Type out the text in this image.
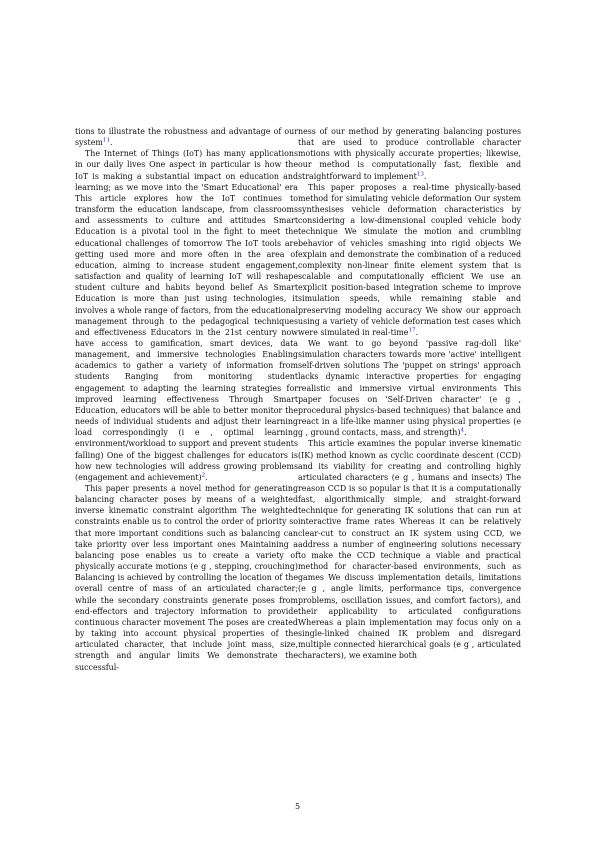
tions to illustrate the robustness and advantage of our system$^{11}$.

The Internet of Things (IoT) has many applications in our daily lives One aspect in particular is how the IoT is making a substantial impact on education and learning; as we move into the 'Smart Educational' era This article explores how the IoT continues to transform the education landscape, from classrooms and assessments to culture and attitudes Smart Education is a pivotal tool in the fight to meet the educational challenges of tomorrow The IoT tools are getting used more and more often in the area of education, aiming to increase student engagement, satisfaction and quality of learning IoT will reshape student culture and habits beyond belief As Smart Education is more than just using technologies, it involves a whole range of factors, from the educational management through to the pedagogical techniques and effectiveness Educators in the 21st century now have access to gamification, smart devices, data management, and immersive technologies Enabling academics to gather a variety of information from students Ranging from monitoring student engagement to adapting the learning strategies for improved learning effectiveness Through Smart Education, educators will be able to better monitor the needs of individual students and adjust their learning load correspondingly (i e , optimal learning environment/workload to support and prevent students falling) One of the biggest challenges for educators is how new technologies will address growing problems (engagement and achievement)$^2$.

This paper presents a novel method for generating balancing character poses by means of a weighted inverse kinematic constraint algorithm The weighted constraints enable us to control the order of priority so that more important conditions such as balancing can take priority over less important ones Maintaining a balancing pose enables us to create a variety of physically accurate motions (e g , stepping, crouching) Balancing is achieved by controlling the location of the overall centre of mass of an articulated character; while the secondary constraints generate poses from end-effectors and trajectory information to provide continuous character movement The poses are created by taking into account physical properties of the articulated character, that include joint mass, size, strength and angular limits We demonstrate the successful-

ness of our method by generating balancing postures that are used to produce controllable character motions with physically accurate properties; likewise, our method is computationally fast, flexible and straightforward to implement$^{13}$.

This paper proposes a real-time physically-based method for simulating vehicle deformation Our system synthesises vehicle deformation characteristics by considering a low-dimensional coupled vehicle body technique We simulate the motion and crumbling behavior of vehicles smashing into rigid objects We explain and demonstrate the combination of a reduced complexity non-linear finite element system that is scalable and computationally efficient We use an explicit position-based integration scheme to improve simulation speeds, while remaining stable and preserving modeling accuracy We show our approach using a variety of vehicle deformation test cases which were simulated in real-time$^{17}$.

We want to go beyond 'passive rag-doll like' simulation characters towards more 'active' intelligent self-driven solutions The 'puppet on strings' approach lacks dynamic interactive properties for engaging realistic and immersive virtual environments This paper focuses on 'Self-Driven character' (e g , procedural physics-based techniques) that balance and react in a life-like manner using physical properties (e g , ground contacts, mass, and strength)$^4$.

This article examines the popular inverse kinematic (IK) method known as cyclic coordinate descent (CCD) and its viability for creating and controlling highly articulated characters (e g , humans and insects) The reason CCD is so popular is that it is a computationally fast, algorithmically simple, and straight-forward technique for generating IK solutions that can run at interactive frame rates Whereas it can be relatively clear-cut to construct an IK system using CCD, we address a number of engineering solutions necessary to make the CCD technique a viable and practical method for character-based environments, such as games We discuss implementation details, limitations (e g , angle limits, performance tips, convergence problems, oscillation issues, and comfort factors), and their applicability to articulated configurations Whereas a plain implementation may focus only on a single-linked chained IK problem and disregard multiple connected hierarchical goals (e g , articulated characters), we examine both

5
